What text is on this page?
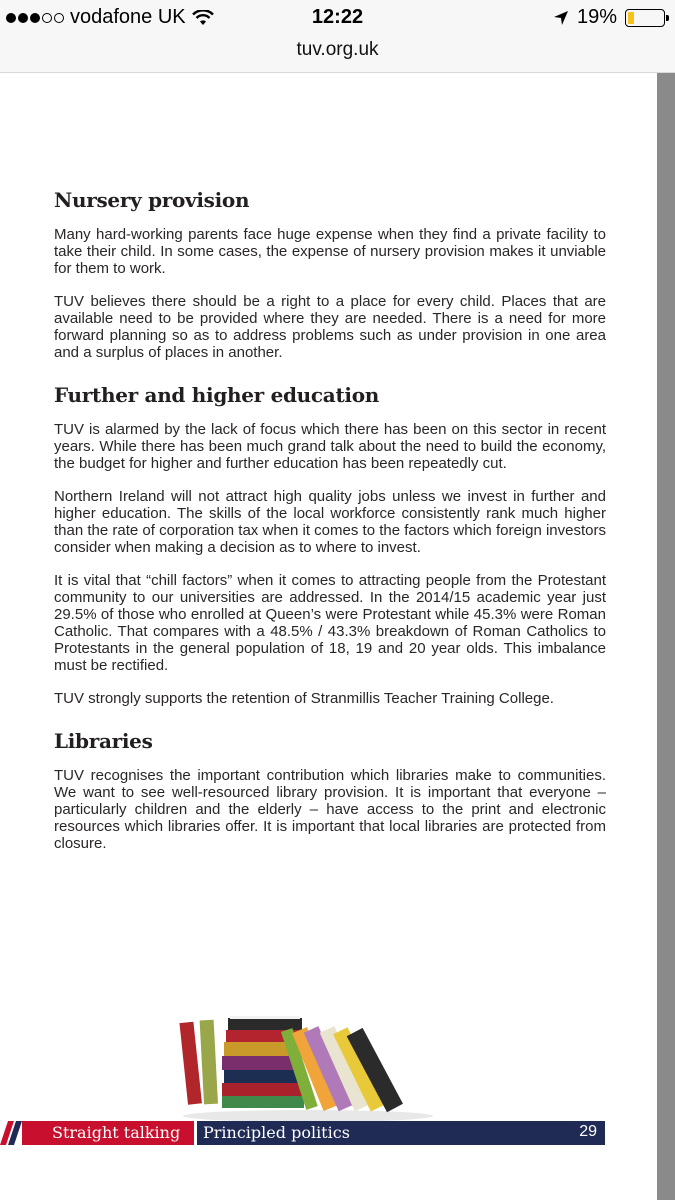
vodafone UK	12:22	19%
tuv.org.uk
Nursery provision

Many hard-working parents face huge expense when they find a private facility to take their child. In some cases, the expense of nursery provision makes it unviable for them to work.

TUV believes there should be a right to a place for every child. Places that are available need to be provided where they are needed. There is a need for more forward planning so as to address problems such as under provision in one area and a surplus of places in another.

Further and higher education

TUV is alarmed by the lack of focus which there has been on this sector in recent years. While there has been much grand talk about the need to build the economy, the budget for higher and further education has been repeatedly cut.

Northern Ireland will not attract high quality jobs unless we invest in further and higher education. The skills of the local workforce consistently rank much higher than the rate of corporation tax when it comes to the factors which foreign investors consider when making a decision as to where to invest.

It is vital that “chill factors” when it comes to attracting people from the Protestant community to our universities are addressed. In the 2014/15 academic year just 29.5% of those who enrolled at Queen’s were Protestant while 45.3% were Roman Catholic. That compares with a 48.5% / 43.3% breakdown of Roman Catholics to Protestants in the general population of 18, 19 and 20 year olds. This imbalance must be rectified.

TUV strongly supports the retention of Stranmillis Teacher Training College.

Libraries

TUV recognises the important contribution which libraries make to communities. We want to see well-resourced library provision. It is important that everyone – particularly children and the elderly – have access to the print and electronic resources which libraries offer. It is important that local libraries are protected from closure.

Straight talking Principled politics	29
